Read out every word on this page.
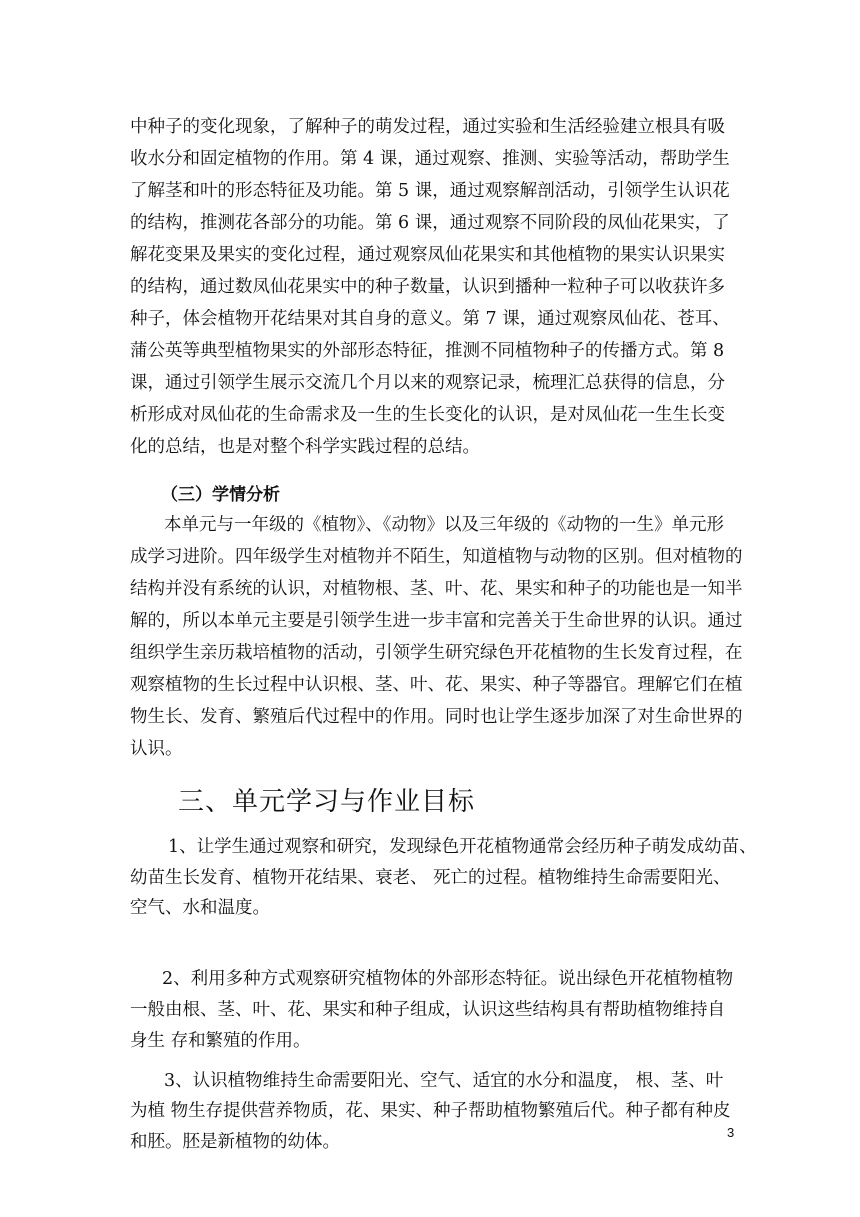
中种子的变化现象，了解种子的萌发过程，通过实验和生活经验建立根具有吸
收水分和固定植物的作用。第 4 课，通过观察、推测、实验等活动，帮助学生
了解茎和叶的形态特征及功能。第 5 课，通过观察解剖活动，引领学生认识花
的结构，推测花各部分的功能。第 6 课，通过观察不同阶段的凤仙花果实，了
解花变果及果实的变化过程，通过观察凤仙花果实和其他植物的果实认识果实
的结构，通过数凤仙花果实中的种子数量，认识到播种一粒种子可以收获许多
种子，体会植物开花结果对其自身的意义。第 7 课，通过观察凤仙花、苍耳、
蒲公英等典型植物果实的外部形态特征，推测不同植物种子的传播方式。第 8
课，通过引领学生展示交流几个月以来的观察记录，梳理汇总获得的信息，分
析形成对凤仙花的生命需求及一生的生长变化的认识，是对凤仙花一生生长变
化的总结，也是对整个科学实践过程的总结。
（三）学情分析
本单元与一年级的《植物》、《动物》以及三年级的《动物的一生》单元形
成学习进阶。四年级学生对植物并不陌生，知道植物与动物的区别。但对植物的
结构并没有系统的认识，对植物根、茎、叶、花、果实和种子的功能也是一知半
解的，所以本单元主要是引领学生进一步丰富和完善关于生命世界的认识。通过
组织学生亲历栽培植物的活动，引领学生研究绿色开花植物的生长发育过程，在
观察植物的生长过程中认识根、茎、叶、花、果实、种子等器官。理解它们在植
物生长、发育、繁殖后代过程中的作用。同时也让学生逐步加深了对生命世界的
认识。
三、单元学习与作业目标
1、让学生通过观察和研究，发现绿色开花植物通常会经历种子萌发成幼苗、
幼苗生长发育、植物开花结果、衰老、 死亡的过程。植物维持生命需要阳光、
空气、水和温度。
2、利用多种方式观察研究植物体的外部形态特征。说出绿色开花植物植物
一般由根、茎、叶、花、果实和种子组成，认识这些结构具有帮助植物维持自
身生 存和繁殖的作用。
3、认识植物维持生命需要阳光、空气、适宜的水分和温度， 根、茎、叶
为植 物生存提供营养物质，花、果实、种子帮助植物繁殖后代。种子都有种皮
和胚。胚是新植物的幼体。	3
